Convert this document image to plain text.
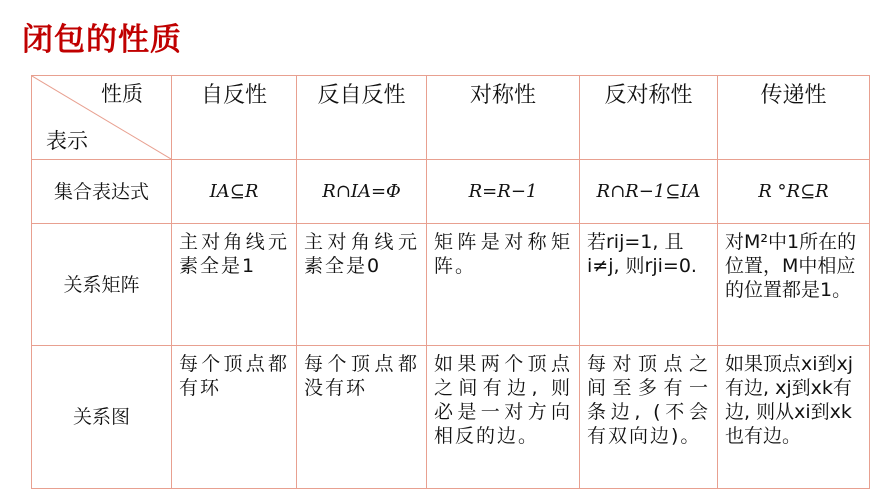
闭包的性质
性质
表示	自反性	反自反性	对称性	反对称性	传递性
集合表达式	IA⊆R	R∩IA=Φ	R=R−1	R∩R−1⊆IA	R °R⊆R
关系矩阵	主对角线元素全是1	主对角线元素全是0	矩阵是对称矩阵。	若rij=1, 且i≠j, 则rji=0.	对M²中1所在的位置，M中相应的位置都是1。
关系图	每个顶点都有环	每个顶点都没有环	如果两个顶点之间有边, 则必是一对方向相反的边。	每对顶点之间至多有一条边, (不会有双向边)。	如果顶点xi到xj有边, xj到xk有边, 则从xi到xk也有边。
